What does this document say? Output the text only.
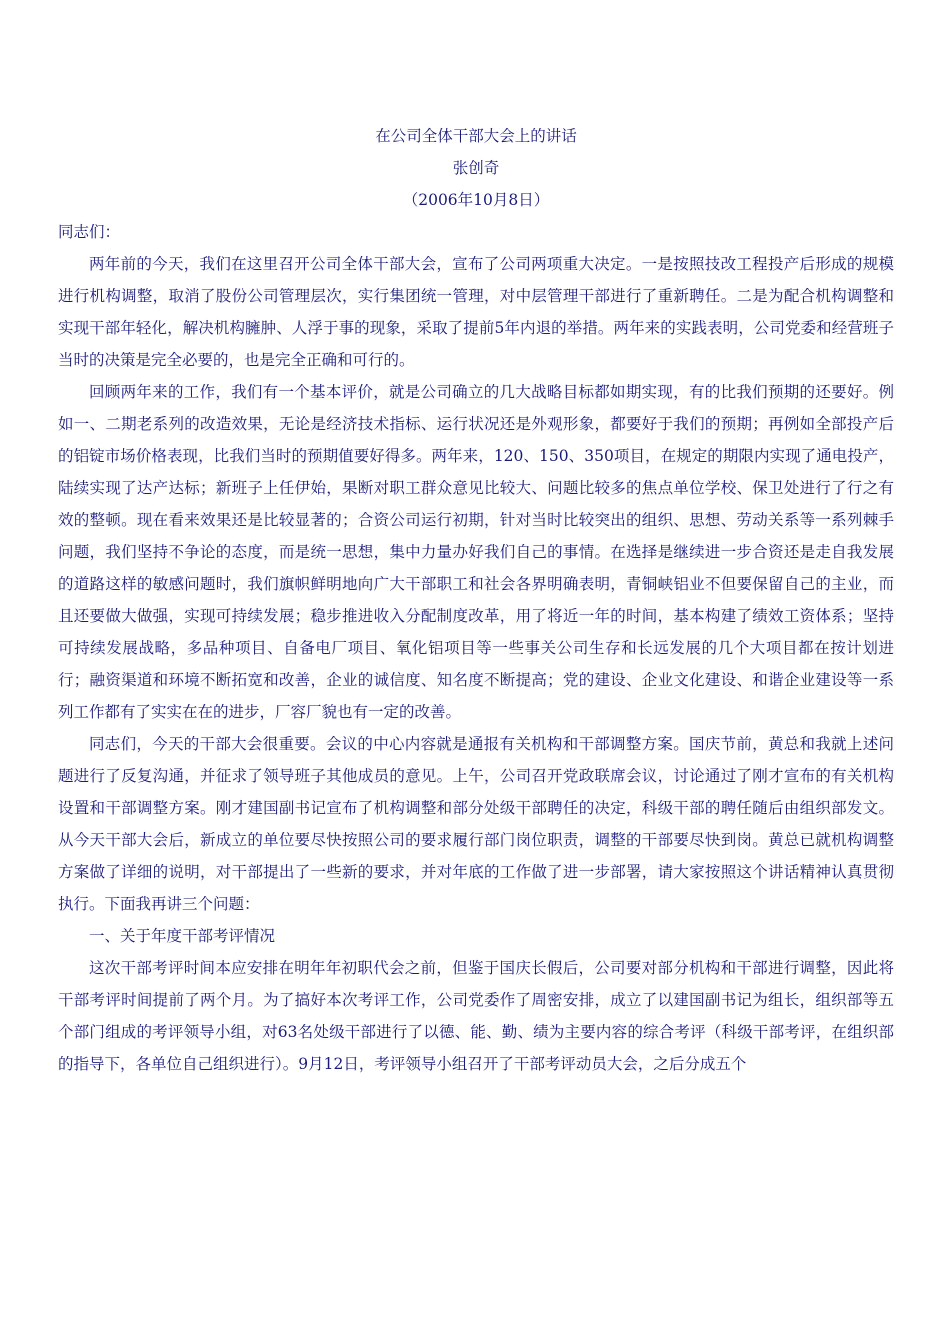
在公司全体干部大会上的讲话

张创奇

（2006年10月8日）

同志们：

两年前的今天，我们在这里召开公司全体干部大会，宣布了公司两项重大决定。一是按照技改工程投产后形成的规模进行机构调整，取消了股份公司管理层次，实行集团统一管理，对中层管理干部进行了重新聘任。二是为配合机构调整和实现干部年轻化，解决机构臃肿、人浮于事的现象，采取了提前5年内退的举措。两年来的实践表明，公司党委和经营班子当时的决策是完全必要的，也是完全正确和可行的。

回顾两年来的工作，我们有一个基本评价，就是公司确立的几大战略目标都如期实现，有的比我们预期的还要好。例如一、二期老系列的改造效果，无论是经济技术指标、运行状况还是外观形象，都要好于我们的预期；再例如全部投产后的铝锭市场价格表现，比我们当时的预期值要好得多。两年来，120、150、350项目，在规定的期限内实现了通电投产，陆续实现了达产达标；新班子上任伊始，果断对职工群众意见比较大、问题比较多的焦点单位学校、保卫处进行了行之有效的整顿。现在看来效果还是比较显著的；合资公司运行初期，针对当时比较突出的组织、思想、劳动关系等一系列棘手问题，我们坚持不争论的态度，而是统一思想，集中力量办好我们自己的事情。在选择是继续进一步合资还是走自我发展的道路这样的敏感问题时，我们旗帜鲜明地向广大干部职工和社会各界明确表明，青铜峡铝业不但要保留自己的主业，而且还要做大做强，实现可持续发展；稳步推进收入分配制度改革，用了将近一年的时间，基本构建了绩效工资体系；坚持可持续发展战略，多品种项目、自备电厂项目、氧化铝项目等一些事关公司生存和长远发展的几个大项目都在按计划进行；融资渠道和环境不断拓宽和改善，企业的诚信度、知名度不断提高；党的建设、企业文化建设、和谐企业建设等一系列工作都有了实实在在的进步，厂容厂貌也有一定的改善。

同志们，今天的干部大会很重要。会议的中心内容就是通报有关机构和干部调整方案。国庆节前，黄总和我就上述问题进行了反复沟通，并征求了领导班子其他成员的意见。上午，公司召开党政联席会议，讨论通过了刚才宣布的有关机构设置和干部调整方案。刚才建国副书记宣布了机构调整和部分处级干部聘任的决定，科级干部的聘任随后由组织部发文。从今天干部大会后，新成立的单位要尽快按照公司的要求履行部门岗位职责，调整的干部要尽快到岗。黄总已就机构调整方案做了详细的说明，对干部提出了一些新的要求，并对年底的工作做了进一步部署，请大家按照这个讲话精神认真贯彻执行。下面我再讲三个问题：

一、关于年度干部考评情况

这次干部考评时间本应安排在明年年初职代会之前，但鉴于国庆长假后，公司要对部分机构和干部进行调整，因此将干部考评时间提前了两个月。为了搞好本次考评工作，公司党委作了周密安排，成立了以建国副书记为组长，组织部等五个部门组成的考评领导小组，对63名处级干部进行了以德、能、勤、绩为主要内容的综合考评（科级干部考评，在组织部的指导下，各单位自己组织进行）。9月12日，考评领导小组召开了干部考评动员大会，之后分成五个
